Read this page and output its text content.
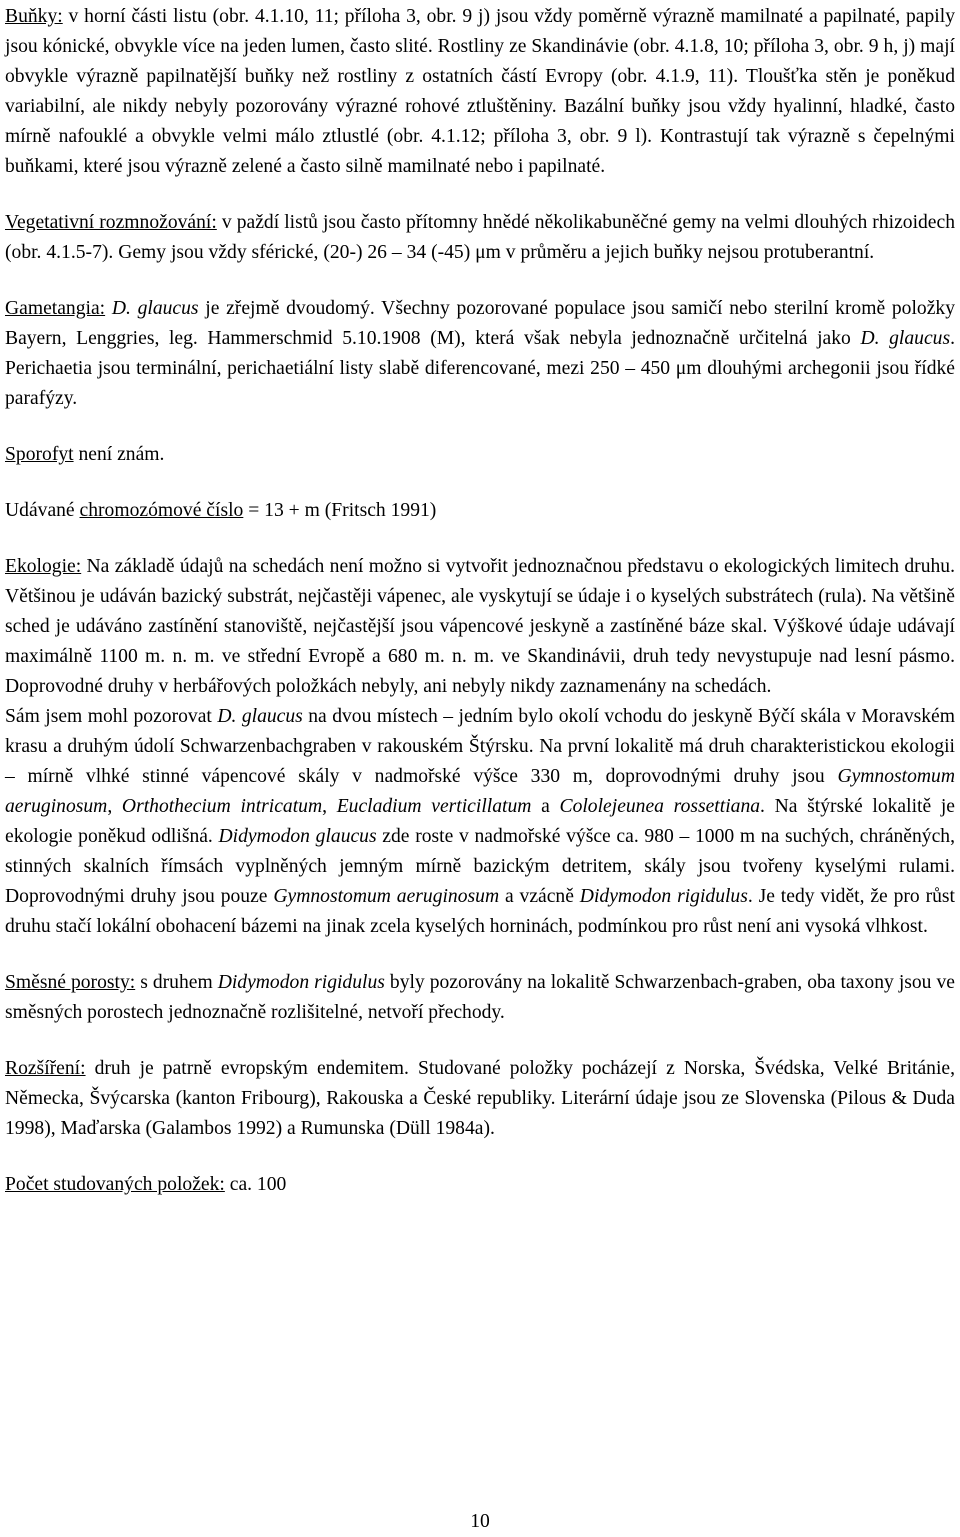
Buňky: v horní části listu (obr. 4.1.10, 11; příloha 3, obr. 9 j) jsou vždy poměrně výrazně mamilnaté a papilnaté, papily jsou kónické, obvykle více na jeden lumen, často slité. Rostliny ze Skandinávie (obr. 4.1.8, 10; příloha 3, obr. 9 h, j) mají obvykle výrazně papilnatější buňky než rostliny z ostatních částí Evropy (obr. 4.1.9, 11). Tloušťka stěn je poněkud variabilní, ale nikdy nebyly pozorovány výrazné rohové ztluštěniny. Bazální buňky jsou vždy hyalinní, hladké, často mírně nafouklé a obvykle velmi málo ztlustlé (obr. 4.1.12; příloha 3, obr. 9 l). Kontrastují tak výrazně s čepelnými buňkami, které jsou výrazně zelené a často silně mamilnaté nebo i papilnaté.

Vegetativní rozmnožování: v paždí listů jsou často přítomny hnědé několikabuněčné gemy na velmi dlouhých rhizoidech (obr. 4.1.5-7). Gemy jsou vždy sférické, (20-) 26 – 34 (-45) μm v průměru a jejich buňky nejsou protuberantní.

Gametangia: D. glaucus je zřejmě dvoudomý. Všechny pozorované populace jsou samičí nebo sterilní kromě položky Bayern, Lenggries, leg. Hammerschmid 5.10.1908 (M), která však nebyla jednoznačně určitelná jako D. glaucus. Perichaetia jsou terminální, perichaetiální listy slabě diferencované, mezi 250 – 450 μm dlouhými archegonii jsou řídké parafýzy.

Sporofyt není znám.

Udávané chromozómové číslo = 13 + m (Fritsch 1991)

Ekologie: Na základě údajů na schedách není možno si vytvořit jednoznačnou představu o ekologických limitech druhu. Většinou je udáván bazický substrát, nejčastěji vápenec, ale vyskytují se údaje i o kyselých substrátech (rula). Na většině sched je udáváno zastínění stanoviště, nejčastější jsou vápencové jeskyně a zastíněné báze skal. Výškové údaje udávají maximálně 1100 m. n. m. ve střední Evropě a 680 m. n. m. ve Skandinávii, druh tedy nevystupuje nad lesní pásmo. Doprovodné druhy v herbářových položkách nebyly, ani nebyly nikdy zaznamenány na schedách.

Sám jsem mohl pozorovat D. glaucus na dvou místech – jedním bylo okolí vchodu do jeskyně Býčí skála v Moravském krasu a druhým údolí Schwarzenbachgraben v rakouském Štýrsku. Na první lokalitě má druh charakteristickou ekologii – mírně vlhké stinné vápencové skály v nadmořské výšce 330 m, doprovodnými druhy jsou Gymnostomum aeruginosum, Orthothecium intricatum, Eucladium verticillatum a Cololejeunea rossettiana. Na štýrské lokalitě je ekologie poněkud odlišná. Didymodon glaucus zde roste v nadmořské výšce ca. 980 – 1000 m na suchých, chráněných, stinných skalních římsách vyplněných jemným mírně bazickým detritem, skály jsou tvořeny kyselými rulami. Doprovodnými druhy jsou pouze Gymnostomum aeruginosum a vzácně Didymodon rigidulus. Je tedy vidět, že pro růst druhu stačí lokální obohacení bázemi na jinak zcela kyselých horninách, podmínkou pro růst není ani vysoká vlhkost.

Směsné porosty: s druhem Didymodon rigidulus byly pozorovány na lokalitě Schwarzenbach-graben, oba taxony jsou ve směsných porostech jednoznačně rozlišitelné, netvoří přechody.

Rozšíření: druh je patrně evropským endemitem. Studované položky pocházejí z Norska, Švédska, Velké Británie, Německa, Švýcarska (kanton Fribourg), Rakouska a České republiky. Literární údaje jsou ze Slovenska (Pilous & Duda 1998), Maďarska (Galambos 1992) a Rumunska (Düll 1984a).

Počet studovaných položek: ca. 100

10
